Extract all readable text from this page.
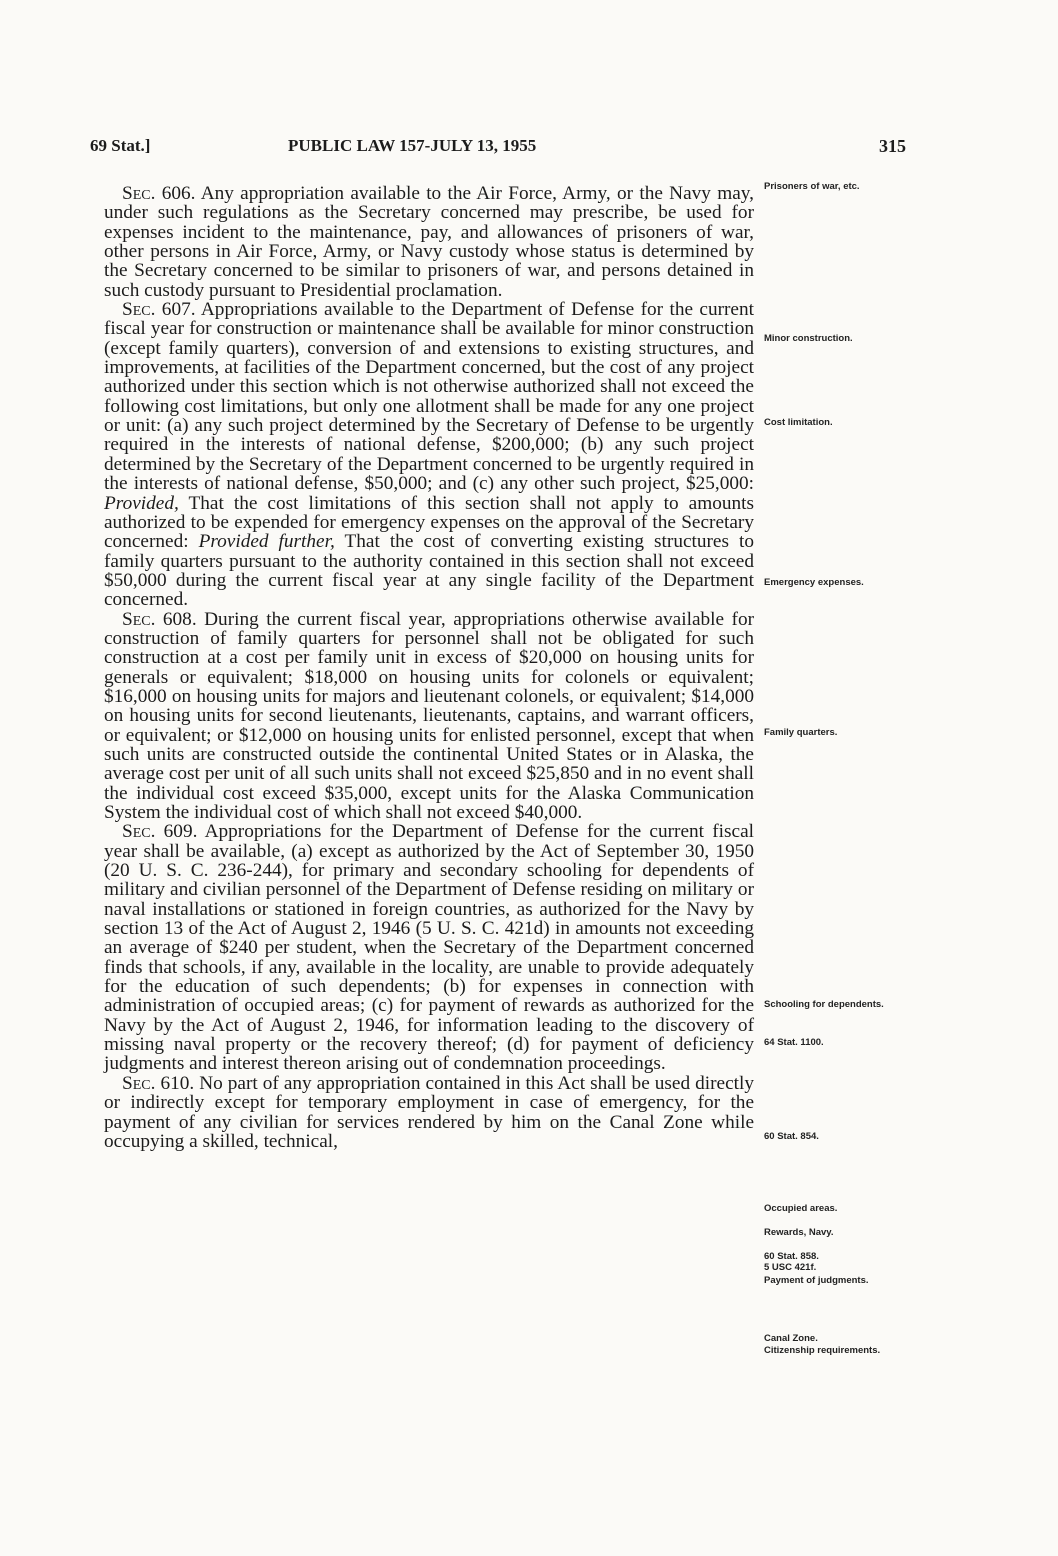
69 Stat.]	PUBLIC LAW 157-JULY 13, 1955	315

Sec. 606. Any appropriation available to the Air Force, Army, or the Navy may, under such regulations as the Secretary concerned may prescribe, be used for expenses incident to the maintenance, pay, and allowances of prisoners of war, other persons in Air Force, Army, or Navy custody whose status is determined by the Secretary concerned to be similar to prisoners of war, and persons detained in such custody pursuant to Presidential proclamation.

Sec. 607. Appropriations available to the Department of Defense for the current fiscal year for construction or maintenance shall be available for minor construction (except family quarters), conversion of and extensions to existing structures, and improvements, at facilities of the Department concerned, but the cost of any project authorized under this section which is not otherwise authorized shall not exceed the following cost limitations, but only one allotment shall be made for any one project or unit: (a) any such project determined by the Secretary of Defense to be urgently required in the interests of national defense, $200,000; (b) any such project determined by the Secretary of the Department concerned to be urgently required in the interests of national defense, $50,000; and (c) any other such project, $25,000: Provided, That the cost limitations of this section shall not apply to amounts authorized to be expended for emergency expenses on the approval of the Secretary concerned: Provided further, That the cost of converting existing structures to family quarters pursuant to the authority contained in this section shall not exceed $50,000 during the current fiscal year at any single facility of the Department concerned.

Sec. 608. During the current fiscal year, appropriations otherwise available for construction of family quarters for personnel shall not be obligated for such construction at a cost per family unit in excess of $20,000 on housing units for generals or equivalent; $18,000 on housing units for colonels or equivalent; $16,000 on housing units for majors and lieutenant colonels, or equivalent; $14,000 on housing units for second lieutenants, lieutenants, captains, and warrant officers, or equivalent; or $12,000 on housing units for enlisted personnel, except that when such units are constructed outside the continental United States or in Alaska, the average cost per unit of all such units shall not exceed $25,850 and in no event shall the individual cost exceed $35,000, except units for the Alaska Communication System the individual cost of which shall not exceed $40,000.

Sec. 609. Appropriations for the Department of Defense for the current fiscal year shall be available, (a) except as authorized by the Act of September 30, 1950 (20 U. S. C. 236-244), for primary and secondary schooling for dependents of military and civilian personnel of the Department of Defense residing on military or naval installations or stationed in foreign countries, as authorized for the Navy by section 13 of the Act of August 2, 1946 (5 U. S. C. 421d) in amounts not exceeding an average of $240 per student, when the Secretary of the Department concerned finds that schools, if any, available in the locality, are unable to provide adequately for the education of such dependents; (b) for expenses in connection with administration of occupied areas; (c) for payment of rewards as authorized for the Navy by the Act of August 2, 1946, for information leading to the discovery of missing naval property or the recovery thereof; (d) for payment of deficiency judgments and interest thereon arising out of condemnation proceedings.

Sec. 610. No part of any appropriation contained in this Act shall be used directly or indirectly except for temporary employment in case of emergency, for the payment of any civilian for services rendered by him on the Canal Zone while occupying a skilled, technical,

Prisoners of war, etc.
Minor construction.
Cost limitation.
Emergency expenses.
Family quarters.
Schooling for dependents.
64 Stat. 1100.
60 Stat. 854.
Occupied areas.
Rewards, Navy.
60 Stat. 858.
5 USC 421f.
Payment of judgments.
Canal Zone.
Citizenship requirements.
